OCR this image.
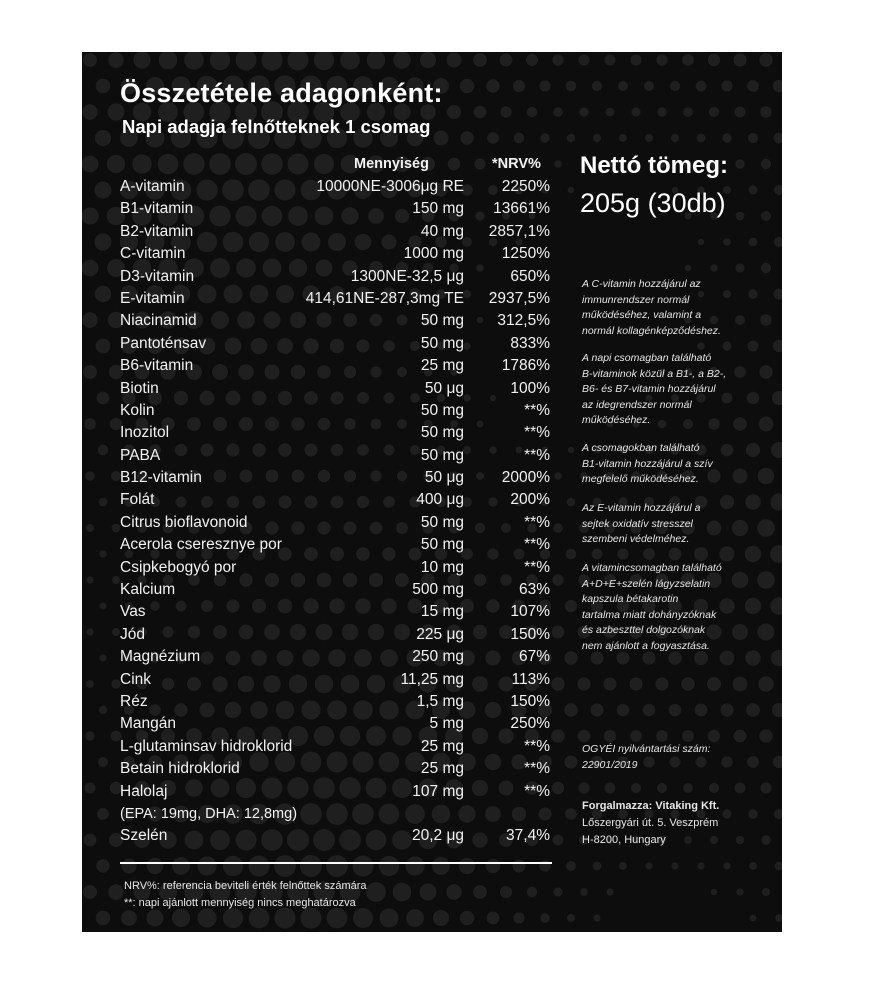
Összetétele adagonként:
Napi adagja felnőtteknek 1 csomag
Mennyiség	*NRV%
A-vitamin	10000NE-3006μg RE 2250%
B1-vitamin	150 mg 13661%
B2-vitamin	40 mg 2857,1%
C-vitamin	1000 mg 1250%
D3-vitamin	1300NE-32,5 μg	650%
E-vitamin	414,61NE-287,3mg TE 2937,5%
Niacinamid	50 mg 312,5%
Pantoténsav	50 mg	833%
B6-vitamin	25 mg 1786%
Biotin	50 μg	100%
Kolin	50 mg	**%
Inozitol	50 mg	**%
PABA	50 mg	**%
B12-vitamin	50 μg 2000%
Folát	400 μg	200%
Citrus bioflavonoid	50 mg	**%
Acerola cseresznye por	50 mg	**%
Csipkebogyó por	10 mg	**%
Kalcium	500 mg	63%
Vas	15 mg	107%
Jód	225 μg	150%
Magnézium	250 mg	67%
Cink	11,25 mg	113%
Réz	1,5 mg	150%
Mangán	5 mg	250%
L-glutaminsav hidroklorid	25 mg	**%
Betain hidroklorid	25 mg	**%
Halolaj	107 mg	**%
(EPA: 19mg, DHA: 12,8mg)
Szelén	20,2 μg	37,4%
NRV%: referencia beviteli érték felnőttek számára
**: napi ajánlott mennyiség nincs meghatározva
Nettó tömeg:
205g (30db)

A C-vitamin hozzájárul az

immunrendszer normál

működéséhez, valamint a

normál kollagénképződéshez.

A napi csomagban található

B-vitaminok közül a B1-, a B2-,

B6- és B7-vitamin hozzájárul

az idegrendszer normál

működéséhez.

A csomagokban található

B1-vitamin hozzájárul a szív

megfelelő működéséhez.

Az E-vitamin hozzájárul a

sejtek oxidatív stresszel

szembeni védelméhez.

A vitamincsomagban található

A+D+E+szelén lágyzselatin

kapszula bétakarotin

tartalma miatt dohányzóknak

és azbeszttel dolgozóknak

nem ajánlott a fogyasztása.

OGYÉI nyilvántartási szám:

22901/2019

Forgalmazza: Vitaking Kft.
Lőszergyári út. 5. Veszprém
H-8200, Hungary
